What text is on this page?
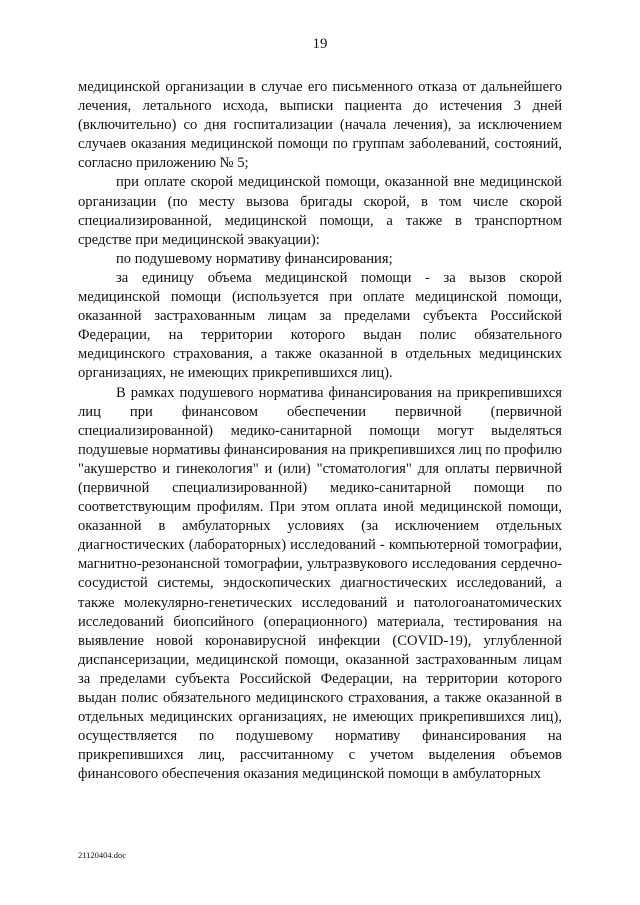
19

медицинской организации в случае его письменного отказа от дальнейшего лечения, летального исхода, выписки пациента до истечения 3 дней (включительно) со дня госпитализации (начала лечения), за исключением случаев оказания медицинской помощи по группам заболеваний, состояний, согласно приложению № 5;

при оплате скорой медицинской помощи, оказанной вне медицинской организации (по месту вызова бригады скорой, в том числе скорой специализированной, медицинской помощи, а также в транспортном средстве при медицинской эвакуации):

по подушевому нормативу финансирования;

за единицу объема медицинской помощи - за вызов скорой медицинской помощи (используется при оплате медицинской помощи, оказанной застрахованным лицам за пределами субъекта Российской Федерации, на территории которого выдан полис обязательного медицинского страхования, а также оказанной в отдельных медицинских организациях, не имеющих прикрепившихся лиц).

В рамках подушевого норматива финансирования на прикрепившихся лиц при финансовом обеспечении первичной (первичной специализированной) медико-санитарной помощи могут выделяться подушевые нормативы финансирования на прикрепившихся лиц по профилю "акушерство и гинекология" и (или) "стоматология" для оплаты первичной (первичной специализированной) медико-санитарной помощи по соответствующим профилям. При этом оплата иной медицинской помощи, оказанной в амбулаторных условиях (за исключением отдельных диагностических (лабораторных) исследований - компьютерной томографии, магнитно-резонансной томографии, ультразвукового исследования сердечно-сосудистой системы, эндоскопических диагностических исследований, а также молекулярно-генетических исследований и патологоанатомических исследований биопсийного (операционного) материала, тестирования на выявление новой коронавирусной инфекции (COVID-19), углубленной диспансеризации, медицинской помощи, оказанной застрахованным лицам за пределами субъекта Российской Федерации, на территории которого выдан полис обязательного медицинского страхования, а также оказанной в отдельных медицинских организациях, не имеющих прикрепившихся лиц), осуществляется по подушевому нормативу финансирования на прикрепившихся лиц, рассчитанному с учетом выделения объемов финансового обеспечения оказания медицинской помощи в амбулаторных

21120404.doc
